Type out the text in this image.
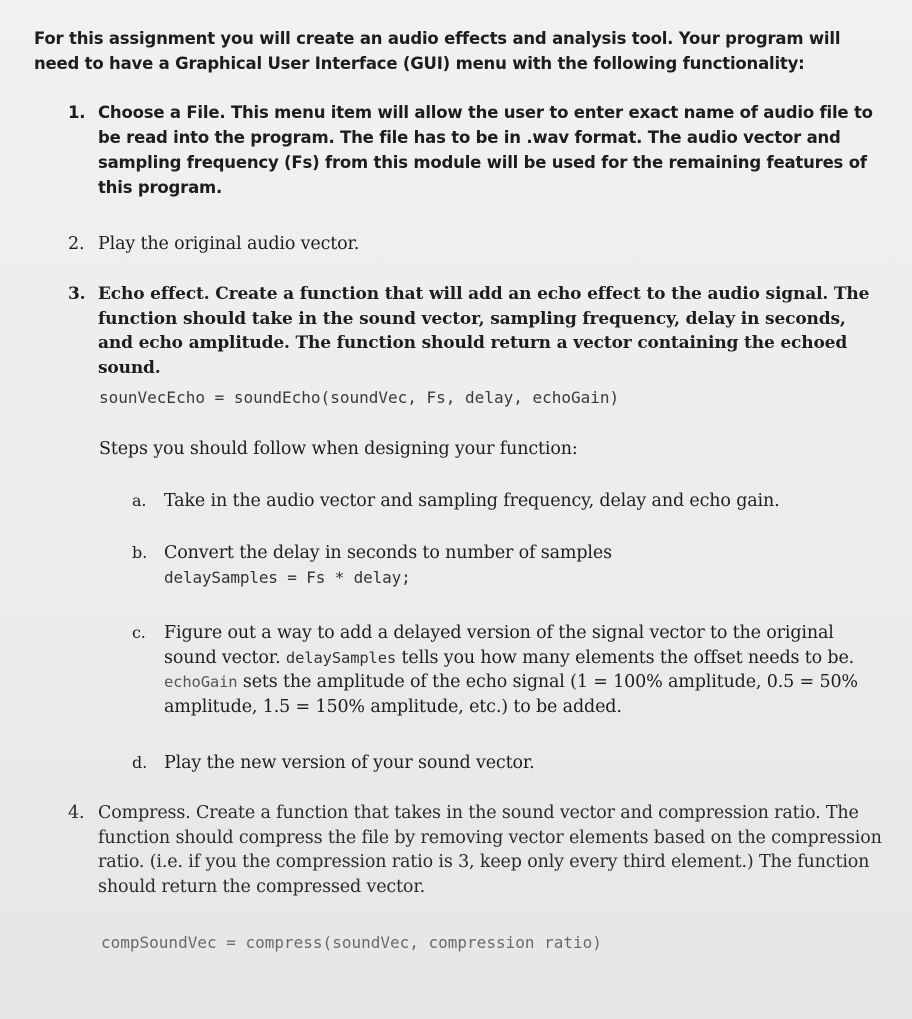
For this assignment you will create an audio effects and analysis tool. Your program will need to have a Graphical User Interface (GUI) menu with the following functionality:

1. Choose a File. This menu item will allow the user to enter exact name of audio file to be read into the program. The file has to be in .wav format. The audio vector and sampling frequency (Fs) from this module will be used for the remaining features of this program.
2. Play the original audio vector.
3. Echo effect. Create a function that will add an echo effect to the audio signal. The function should take in the sound vector, sampling frequency, delay in seconds, and echo amplitude. The function should return a vector containing the echoed sound.
sounVecEcho = soundEcho(soundVec, Fs, delay, echoGain)

Steps you should follow when designing your function:

a. Take in the audio vector and sampling frequency, delay and echo gain.
b. Convert the delay in seconds to number of samples
delaySamples = Fs * delay;
c. Figure out a way to add a delayed version of the signal vector to the original sound vector. delaySamples tells you how many elements the offset needs to be. echoGain sets the amplitude of the echo signal (1 = 100% amplitude, 0.5 = 50% amplitude, 1.5 = 150% amplitude, etc.) to be added.
d. Play the new version of your sound vector.
4. Compress. Create a function that takes in the sound vector and compression ratio. The function should compress the file by removing vector elements based on the compression ratio. (i.e. if you the compression ratio is 3, keep only every third element.) The function should return the compressed vector.
compSoundVec = compress(soundVec, compression ratio)
